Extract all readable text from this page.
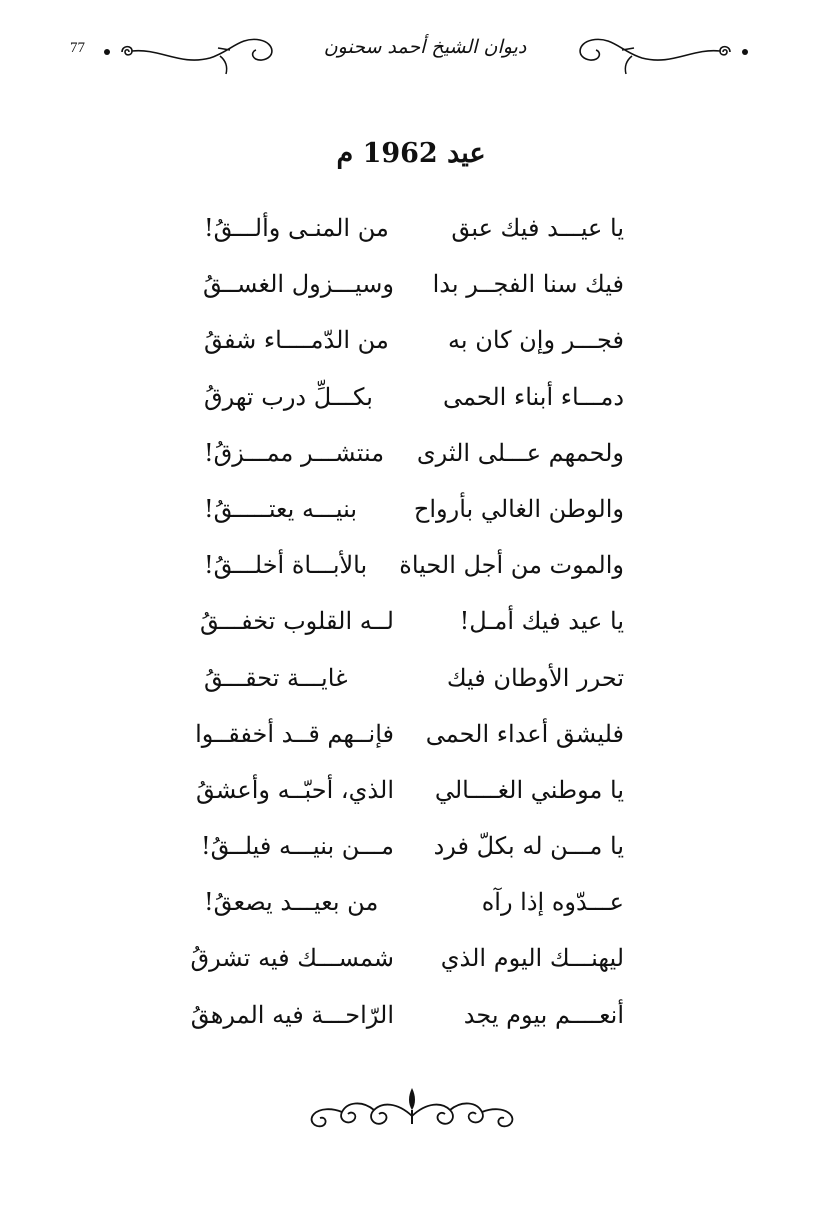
77	ديوان الشيخ أحمد سحنون
عيد 1962 م
يا عيـــد فيك عبق
من المنـى وألـــقُ!
فيك سنا الفجــر بدا
وسيـــزول الغســقُ
فجـــر وإن كان به
من الدّمــــاء شفقُ
دمـــاء أبناء الحمى
بكـــلِّ درب تهرقُ
ولحمهم عـــلى الثرى
منتشـــر ممـــزقُ!
والوطن الغالي بأرواح
بنيـــه يعتـــــقُ!
والموت من أجل الحياة
بالأبـــاة أخلـــقُ!
يا عيد فيك أمـل!
لــه القلوب تخفـــقُ
تحرر الأوطان فيك
غايـــة تحقـــقُ
فليشق أعداء الحمى
فإنــهم قــد أخفقــوا
يا موطني الغــــالي
الذي، أحبّــه وأعشقُ
يا مـــن له بكلّ فرد
مـــن بنيـــه فيلــقُ!
عـــدّوه إذا رآه
من بعيـــد يصعقُ!
ليهنـــك اليوم الذي
شمســـك فيه تشرقُ
أنعــــم بيوم يجد
الرّاحـــة فيه المرهقُ
